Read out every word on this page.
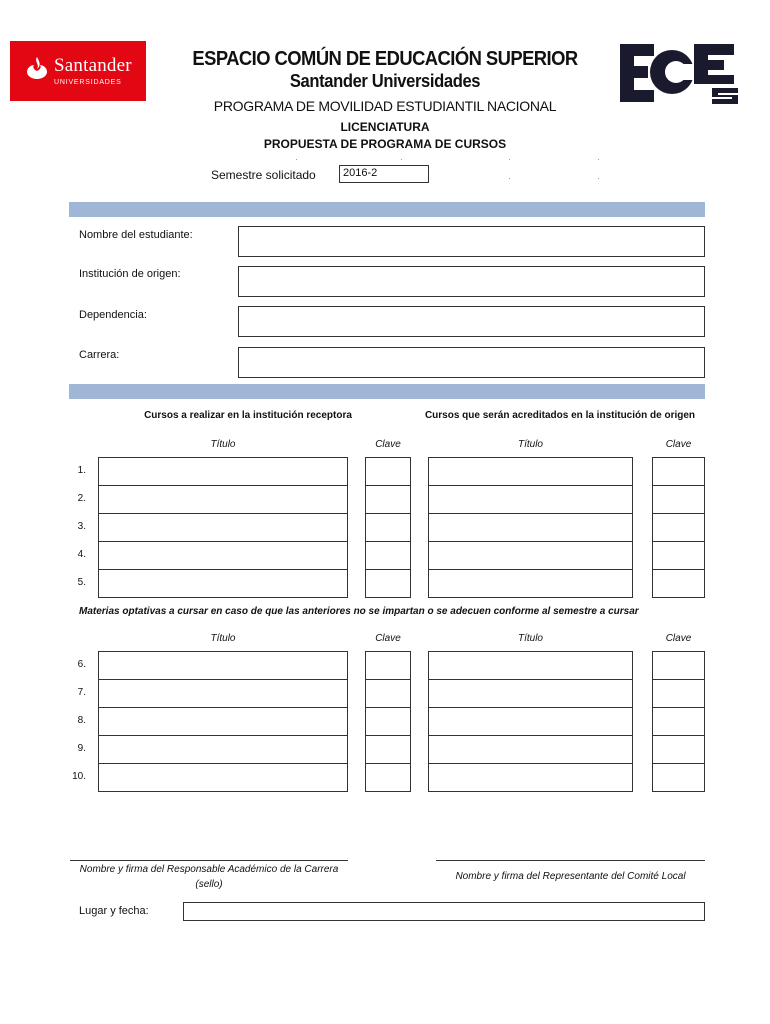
Santander
UNIVERSIDADES
ESPACIO COMÚN DE EDUCACIÓN SUPERIOR
Santander Universidades
PROGRAMA DE MOVILIDAD ESTUDIANTIL NACIONAL
LICENCIATURA
PROPUESTA DE PROGRAMA DE CURSOS
Semestre solicitado	2016-2
Nombre del estudiante:
Institución de origen:
Dependencia:
Carrera:
Cursos a realizar en la institución receptora	Cursos que serán acreditados en la institución de origen
Título	Clave	Título	Clave
1.
2.
3.
4.
5.
Materias optativas a cursar en caso de que las anteriores no se impartan o se adecuen conforme al semestre a cursar
Título	Clave	Título	Clave
6.
7.
8.
9.
10.
Nombre y firma del Responsable Académico de la Carrera
(sello)
Nombre y firma del Representante del Comité Local
Lugar y fecha:
